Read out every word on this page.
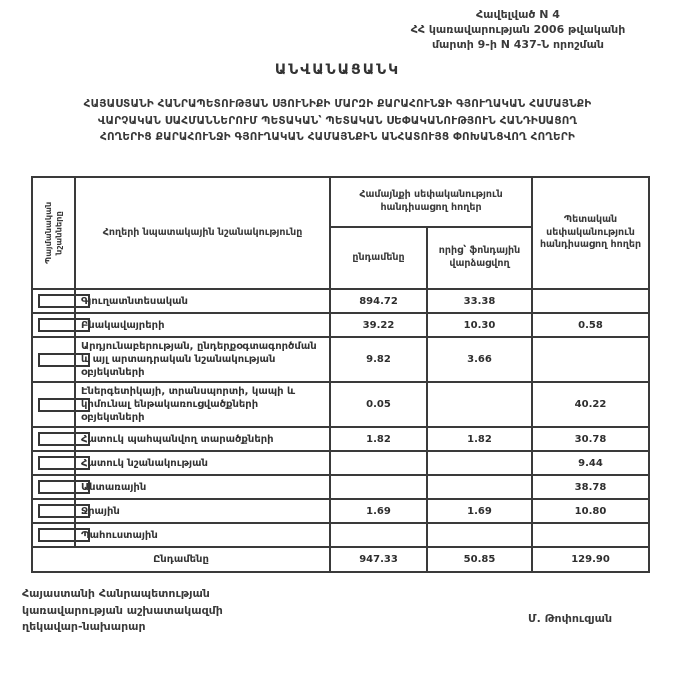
Հավելված N 4
ՀՀ կառավարության 2006 թվականի
մարտի 9-ի N 437-Ն որոշման
ԱՆՎԱՆԱՑԱՆԿ
ՀԱՅԱՍՏԱՆԻ ՀԱՆՐԱՊԵՏՈՒԹՅԱՆ ՍՅՈՒՆԻՔԻ ՄԱՐԶԻ ՔԱՐԱՀՈՒՆՋԻ ԳՅՈՒՂԱԿԱՆ ՀԱՄԱՅՆՔԻ
ՎԱՐՉԱԿԱՆ ՍԱՀՄԱՆՆԵՐՈՒՄ ՊԵՏԱԿԱՆ՝ ՊԵՏԱԿԱՆ ՍԵՓԱԿԱՆՈՒԹՅՈՒՆ ՀԱՆԴԻՍԱՑՈՂ
ՀՈՂԵՐԻՑ ՔԱՐԱՀՈՒՆՋԻ ԳՅՈՒՂԱԿԱՆ ՀԱՄԱՅՆՔԻՆ ԱՆՀԱՏՈՒՅՑ ՓՈԽԱՆՑՎՈՂ ՀՈՂԵՐԻ
Պայմանական նշանները	Հողերի նպատակային նշանակությունը	Համայնքի սեփականություն հանդիսացող հողեր		Պետական սեփականություն հանդիսացող հողեր
		ընդամենը	որից՝ ֆոնդային վարձացվող	

	Գյուղատնտեսական	894.72	33.38	

	Բնակավայրերի	39.22	10.30	0.58

	Արդյունաբերության, ընդերքօգտագործման և այլ արտադրական նշանակության օբյեկտների	9.82	3.66	

	Էներգետիկայի, տրանսպորտի, կապի և կոմունալ ենթակառուցվածքների օբյեկտների	0.05		40.22

	Հատուկ պահպանվող տարածքների	1.82	1.82	30.78

	Հատուկ նշանակության			9.44

	Անտառային			38.78

	Ջրային	1.69	1.69	10.80

	Պահուստային			
Ընդամենը		947.33	50.85	129.90
Հայաստանի Հանրապետության
կառավարության աշխատակազմի
ղեկավար-նախարար
Մ. Թոփուզյան
